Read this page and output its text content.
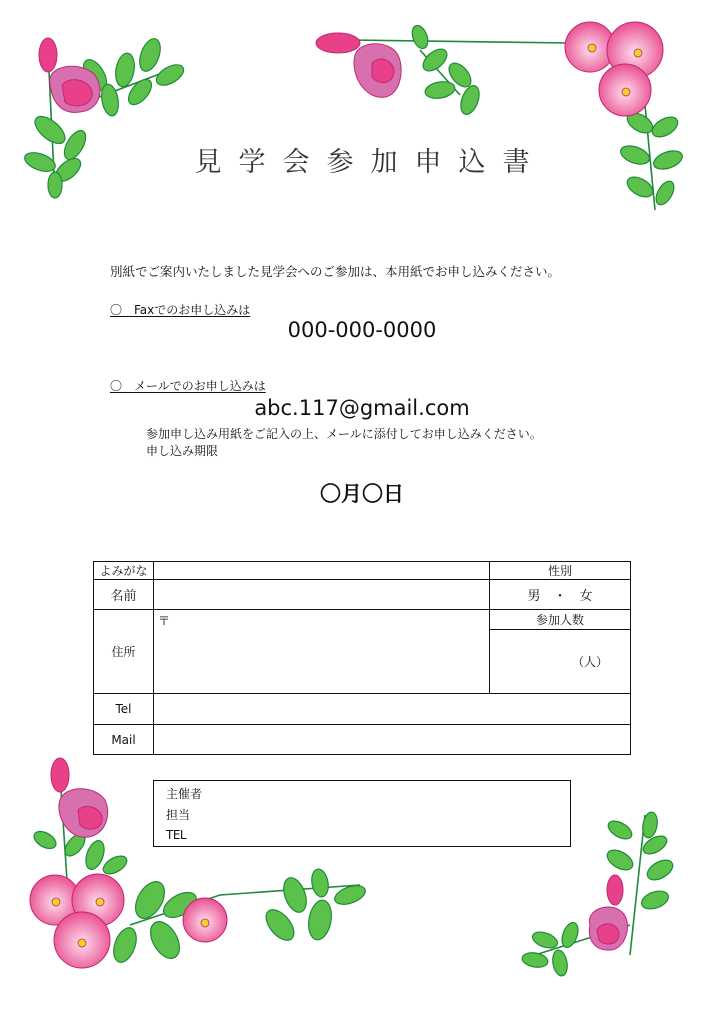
見学会参加申込書
別紙でご案内いたしました見学会へのご参加は、本用紙でお申し込みください。
〇　Faxでのお申し込みは
000-000-0000
〇　メールでのお申し込みは
abc.117@gmail.com
参加申し込み用紙をご記入の上、メールに添付してお申し込みください。
申し込み期限
〇月〇日
よみがな		性別
名前		男　・　女
住所	〒	参加人数
		（人）
Tel		
Mail		
主催者
担当
TEL
